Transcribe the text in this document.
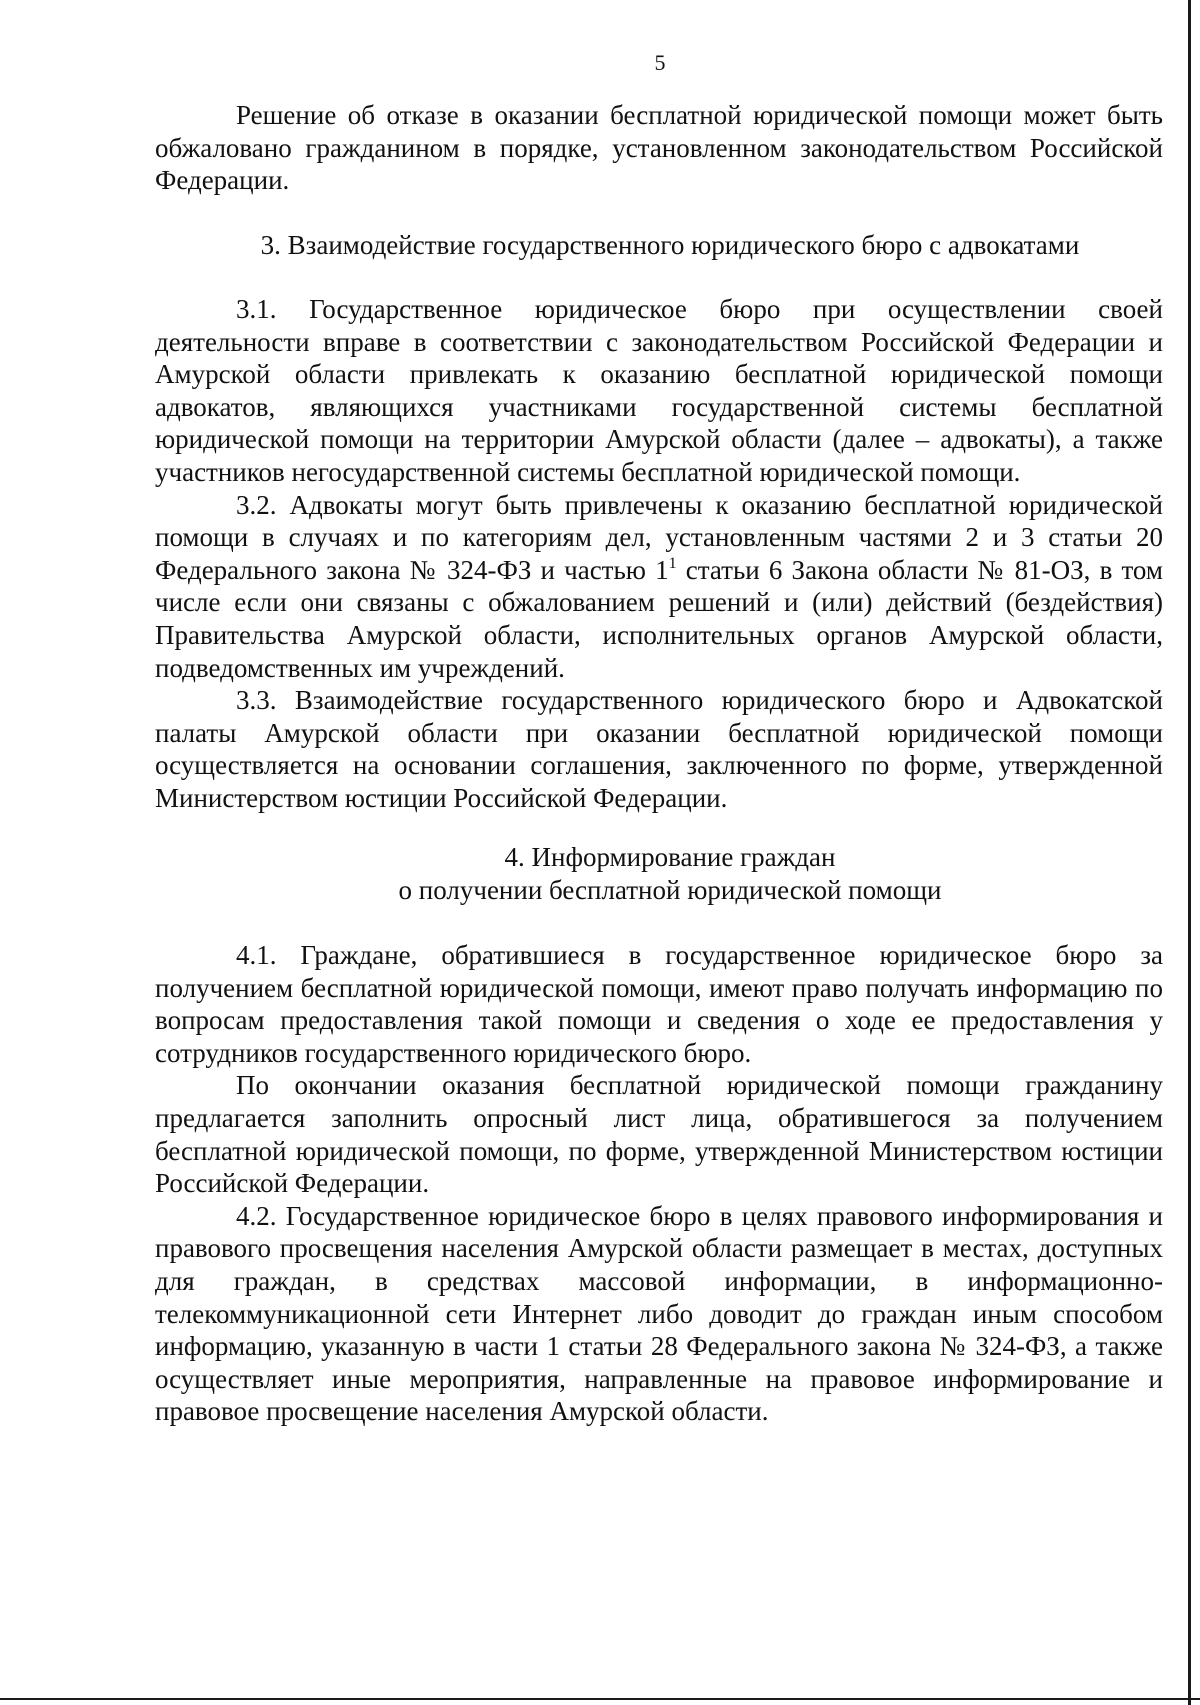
5

Решение об отказе в оказании бесплатной юридической помощи может быть обжаловано гражданином в порядке, установленном законодательством Российской Федерации.

3. Взаимодействие государственного юридического бюро с адвокатами

3.1. Государственное юридическое бюро при осуществлении своей деятельности вправе в соответствии с законодательством Российской Федерации и Амурской области привлекать к оказанию бесплатной юридической помощи адвокатов, являющихся участниками государственной системы бесплатной юридической помощи на территории Амурской области (далее – адвокаты), а также участников негосударственной системы бесплатной юридической помощи.

3.2. Адвокаты могут быть привлечены к оказанию бесплатной юридической помощи в случаях и по категориям дел, установленным частями 2 и 3 статьи 20 Федерального закона № 324-ФЗ и частью $1^1$ статьи 6 Закона области № 81-ОЗ, в том числе если они связаны с обжалованием решений и (или) действий (бездействия) Правительства Амурской области, исполнительных органов Амурской области, подведомственных им учреждений.

3.3. Взаимодействие государственного юридического бюро и Адвокатской палаты Амурской области при оказании бесплатной юридической помощи осуществляется на основании соглашения, заключенного по форме, утвержденной Министерством юстиции Российской Федерации.

4. Информирование граждан

о получении бесплатной юридической помощи

4.1. Граждане, обратившиеся в государственное юридическое бюро за получением бесплатной юридической помощи, имеют право получать информацию по вопросам предоставления такой помощи и сведения о ходе ее предоставления у сотрудников государственного юридического бюро.

По окончании оказания бесплатной юридической помощи гражданину предлагается заполнить опросный лист лица, обратившегося за получением бесплатной юридической помощи, по форме, утвержденной Министерством юстиции Российской Федерации.

4.2. Государственное юридическое бюро в целях правового информирования и правового просвещения населения Амурской области размещает в местах, доступных для граждан, в средствах массовой информации, в информационно-телекоммуникационной сети Интернет либо доводит до граждан иным способом информацию, указанную в части 1 статьи 28 Федерального закона № 324-ФЗ, а также осуществляет иные мероприятия, направленные на правовое информирование и правовое просвещение населения Амурской области.
